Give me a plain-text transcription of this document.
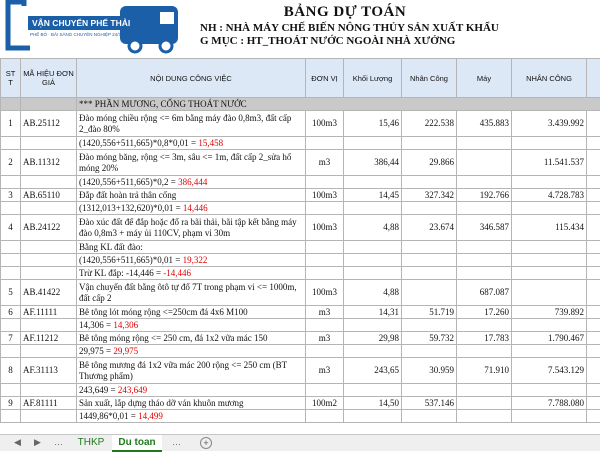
VẬN CHUYỂN PHẾ THẢI
PHẾ BỎ · BÃI SÀNG CHUYÊN NGHIỆP 24/7
BẢNG DỰ TOÁN
NH : NHÀ MÁY CHẾ BIẾN NÔNG THỦY SẢN XUẤT KHẨU
G MỤC : HT_THOÁT NƯỚC NGOÀI NHÀ XƯỞNG
ST T	MÃ HIỆU ĐƠN GIÁ	NỘI DUNG CÔNG VIỆC	ĐƠN VỊ	Khối Lượng	Nhân Công	Máy	NHÂN CÔNG	
		*** PHẦN MƯƠNG, CỐNG THOÁT NƯỚC						
1	AB.25112	Đào móng chiều rộng <= 6m bằng máy đào 0,8m3, đất cấp 2_đào 80%	100m3	15,46	222.538	435.883	3.439.992	
		(1420,556+511,665)*0,8*0,01 = 15,458						
2	AB.11312	Đào móng băng, rộng <= 3m, sâu <= 1m, đất cấp 2_sửa hố móng 20%	m3	386,44	29.866		11.541.537	
		(1420,556+511,665)*0,2 = 386,444						
3	AB.65110	Đắp đất hoàn trả thân cống	100m3	14,45	327.342	192.766	4.728.783	
		(1312,013+132,620)*0,01 = 14,446						
4	AB.24122	Đào xúc đất để đắp hoặc đổ ra bãi thải, bãi tập kết bằng máy đào 0,8m3 + máy ủi 110CV, phạm vi 30m	100m3	4,88	23.674	346.587	115.434	
		Bằng KL đất đào:						
		(1420,556+511,665)*0,01 = 19,322						
		Trừ KL đắp: -14,446 = -14,446						
5	AB.41422	Vận chuyển đất bằng ôtô tự đổ 7T trong phạm vi <= 1000m, đất cấp 2	100m3	4,88		687.087		
6	AF.11111	Bê tông lót móng rộng <=250cm đá 4x6 M100	m3	14,31	51.719	17.260	739.892	
		14,306 = 14,306						
7	AF.11212	Bê tông móng rộng <= 250 cm, đá 1x2 vữa mác 150	m3	29,98	59.732	17.783	1.790.467	
		29,975 = 29,975						
8	AF.31113	Bê tông mương đá 1x2 vữa mác 200 rộng <= 250 cm (BT Thương phẩm)	m3	243,65	30.959	71.910	7.543.129	
		243,649 = 243,649						
9	AF.81111	Sản xuất, lắp dựng tháo dỡ ván khuôn mương	100m2	14,50	537.146		7.788.080	
		1449,86*0,01 = 14,499						
◀ ▶ …	THKP	Du toan	…	+
